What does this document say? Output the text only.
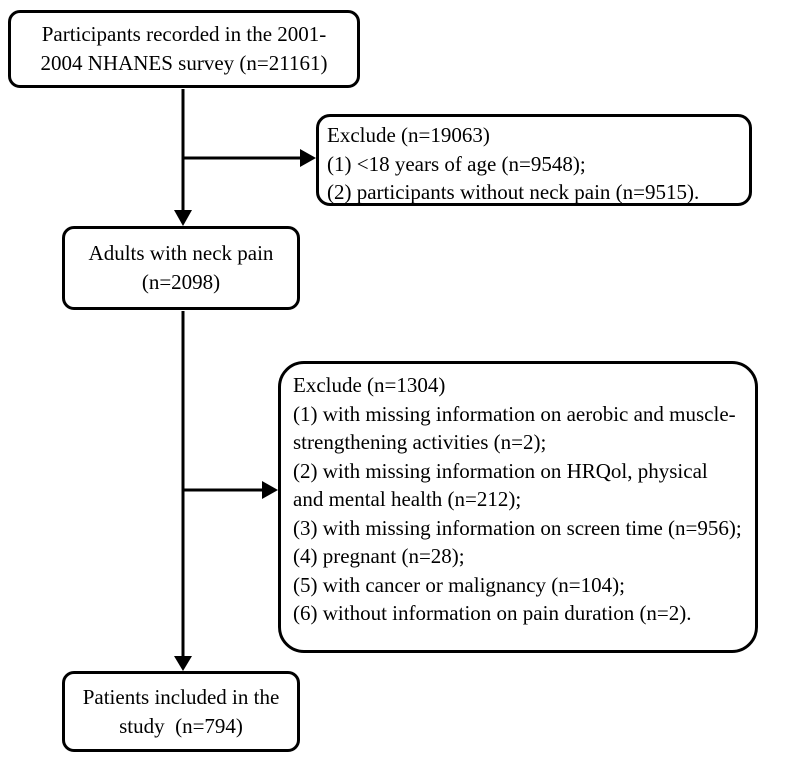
Participants recorded in the 2001-
2004 NHANES survey (n=21161)
Exclude (n=19063)
(1) <18 years of age (n=9548);
(2) participants without neck pain (n=9515).
Adults with neck pain
(n=2098)
Exclude (n=1304)
(1) with missing information on aerobic and muscle-strengthening activities (n=2);
(2) with missing information on HRQol, physical and mental health (n=212);
(3) with missing information on screen time (n=956);
(4) pregnant (n=28);
(5) with cancer or malignancy (n=104);
(6) without information on pain duration (n=2).
Patients included in the
study  (n=794)
